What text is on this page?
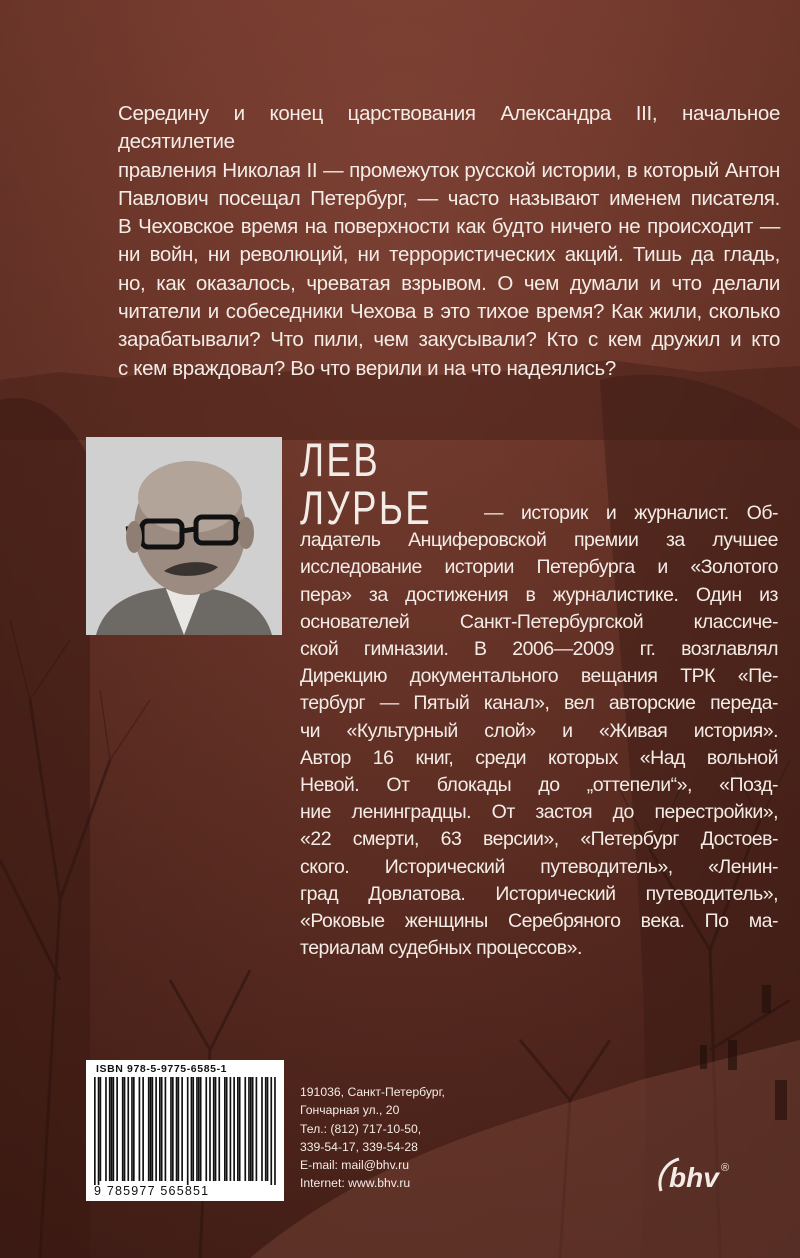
Середину и конец царствования Александра III, начальное десятилетие

правления Николая II — промежуток русской истории, в который Антон

Павлович посещал Петербург, — часто называют именем писателя.

В Чеховское время на поверхности как будто ничего не происходит —

ни войн, ни революций, ни террористических акций. Тишь да гладь,

но, как оказалось, чреватая взрывом. О чем думали и что делали

читатели и собеседники Чехова в это тихое время? Как жили, сколько

зарабатывали? Что пили, чем закусывали? Кто с кем дружил и кто

с кем враждовал? Во что верили и на что надеялись?

ЛЕВ
ЛУРЬЕ	— историк и журналист. Об-
ладатель Анциферовской премии за лучшее
исследование истории Петербурга и «Золотого
пера» за достижения в журналистике. Один из
основателей Санкт-Петербургской классиче-
ской гимназии. В 2006—2009 гг. возглавлял
Дирекцию документального вещания ТРК «Пе-
тербург — Пятый канал», вел авторские переда-
чи «Культурный слой» и «Живая история».
Автор 16 книг, среди которых «Над вольной
Невой. От блокады до „оттепели“», «Позд-
ние ленинградцы. От застоя до перестройки»,
«22 смерти, 63 версии», «Петербург Достоев-
ского. Исторический путеводитель», «Ленин-
град Довлатова. Исторический путеводитель»,
«Роковые женщины Серебряного века. По ма-
териалам судебных процессов».
ISBN 978-5-9775-6585-1
9 785977 565851
191036, Санкт-Петербург,
Гончарная ул., 20
Тел.: (812) 717-10-50,
339-54-17, 339-54-28
E-mail: mail@bhv.ru
Internet: www.bhv.ru	bhv ®
